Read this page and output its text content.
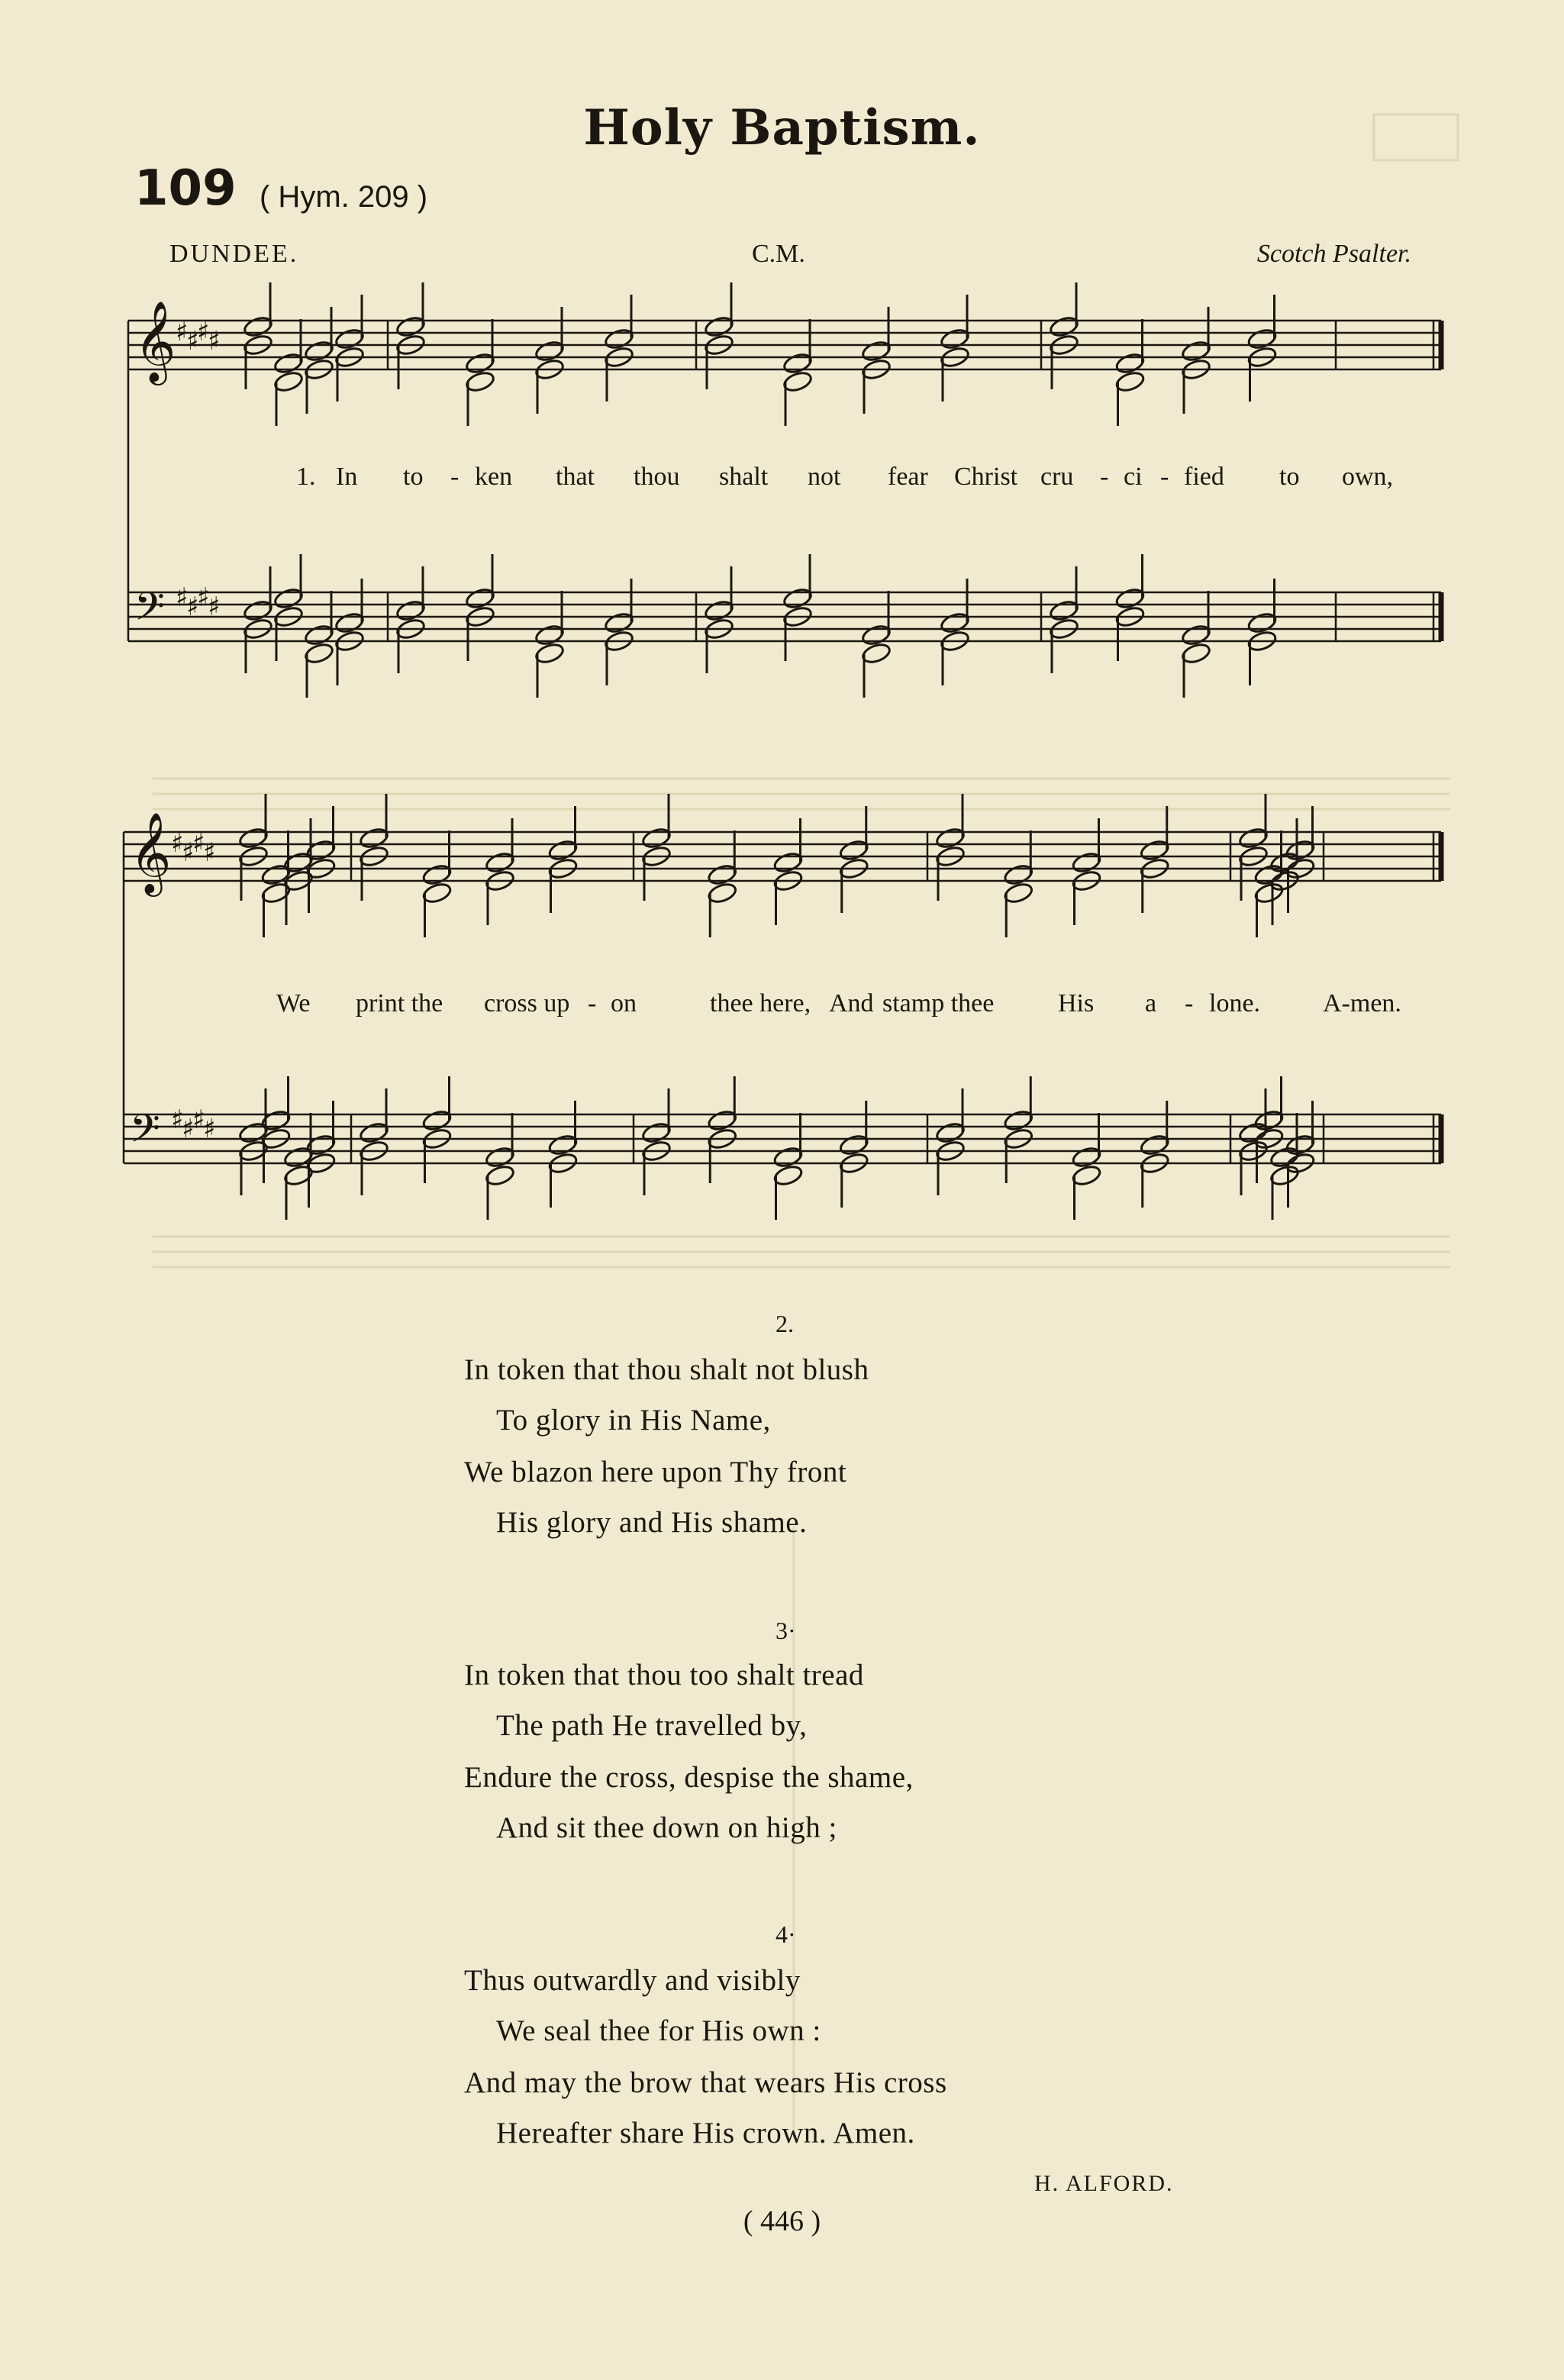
Holy Baptism.
109 ( Hym. 209 )
DUNDEE.	C.M.	Scotch Psalter.
𝄞 ♯
♯
♯
♯
𝄢 ♯
♯
♯
♯
𝄞 ♯
♯
♯
♯
𝄢 ♯
♯
♯
♯
1. In to - ken that thou shalt not fear Christ cru - ci - fied to own,
We print the cross up - on	thee here, And stamp thee His a - lone. A-men.
2.
In token that thou shalt not blush
To glory in His Name,
We blazon here upon Thy front
His glory and His shame.
3·
In token that thou too shalt tread
The path He travelled by,
Endure the cross, despise the shame,
And sit thee down on high ;
4·
Thus outwardly and visibly
We seal thee for His own :
And may the brow that wears His cross
Hereafter share His crown. Amen.
H. ALFORD.
( 446 )
